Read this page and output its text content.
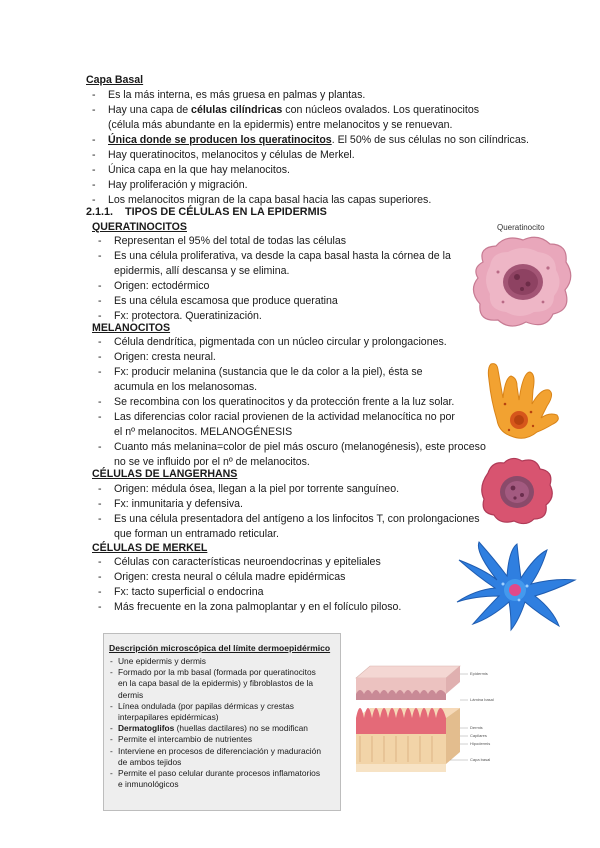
Capa Basal
- Es la más interna, es más gruesa en palmas y plantas.
- Hay una capa de células cilíndricas con núcleos ovalados. Los queratinocitos
(célula más abundante en la epidermis) entre melanocitos y se renuevan.
- Única donde se producen los queratinocitos. El 50% de sus células no son cilíndricas.
- Hay queratinocitos, melanocitos y células de Merkel.
- Única capa en la que hay melanocitos.
- Hay proliferación y migración.
- Los melanocitos migran de la capa basal hacia las capas superiores.
2.1.1. TIPOS DE CÉLULAS EN LA EPIDERMIS
QUERATINOCITOS
- Representan el 95% del total de todas las células
- Es una célula proliferativa, va desde la capa basal hasta la córnea de la
epidermis, allí descansa y se elimina.
- Origen: ectodérmico
- Es una célula escamosa que produce queratina
- Fx: protectora. Queratinización.
MELANOCITOS
- Célula dendrítica, pigmentada con un núcleo circular y prolongaciones.
- Origen: cresta neural.
- Fx: producir melanina (sustancia que le da color a la piel), ésta se
acumula en los melanosomas.
- Se recombina con los queratinocitos y da protección frente a la luz solar.
- Las diferencias color racial provienen de la actividad melanocítica no por
el nº melanocitos. MELANOGÉNESIS
- Cuanto más melanina=color de piel más oscuro (melanogénesis), este proceso
no se ve influido por el nº de melanocitos.
CÉLULAS DE LANGERHANS
- Origen: médula ósea, llegan a la piel por torrente sanguíneo.
- Fx: inmunitaria y defensiva.
- Es una célula presentadora del antígeno a los linfocitos T, con prolongaciones
que forman un entramado reticular.
CÉLULAS DE MERKEL
- Células con características neuroendocrinas y epiteliales
- Origen: cresta neural o célula madre epidérmicas
- Fx: tacto superficial o endocrina
- Más frecuente en la zona palmoplantar y en el folículo piloso.
Descripción microscópica del límite dermoepidérmico
- Une epidermis y dermis
- Formado por la mb basal (formada por queratinocitos
en la capa basal de la epidermis) y fibroblastos de la
dermis
- Línea ondulada (por papilas dérmicas y crestas
interpapilares epidérmicas)
- Dermatoglifos (huellas dactilares) no se modifican
- Permite el intercambio de nutrientes
- Interviene en procesos de diferenciación y maduración
de ambos tejidos
- Permite el paso celular durante procesos inflamatorios
e inmunológicos
Queratinocito
Epidermis
Lámina basal
Dermis
Capilares
Hipodermis
Capa basal
